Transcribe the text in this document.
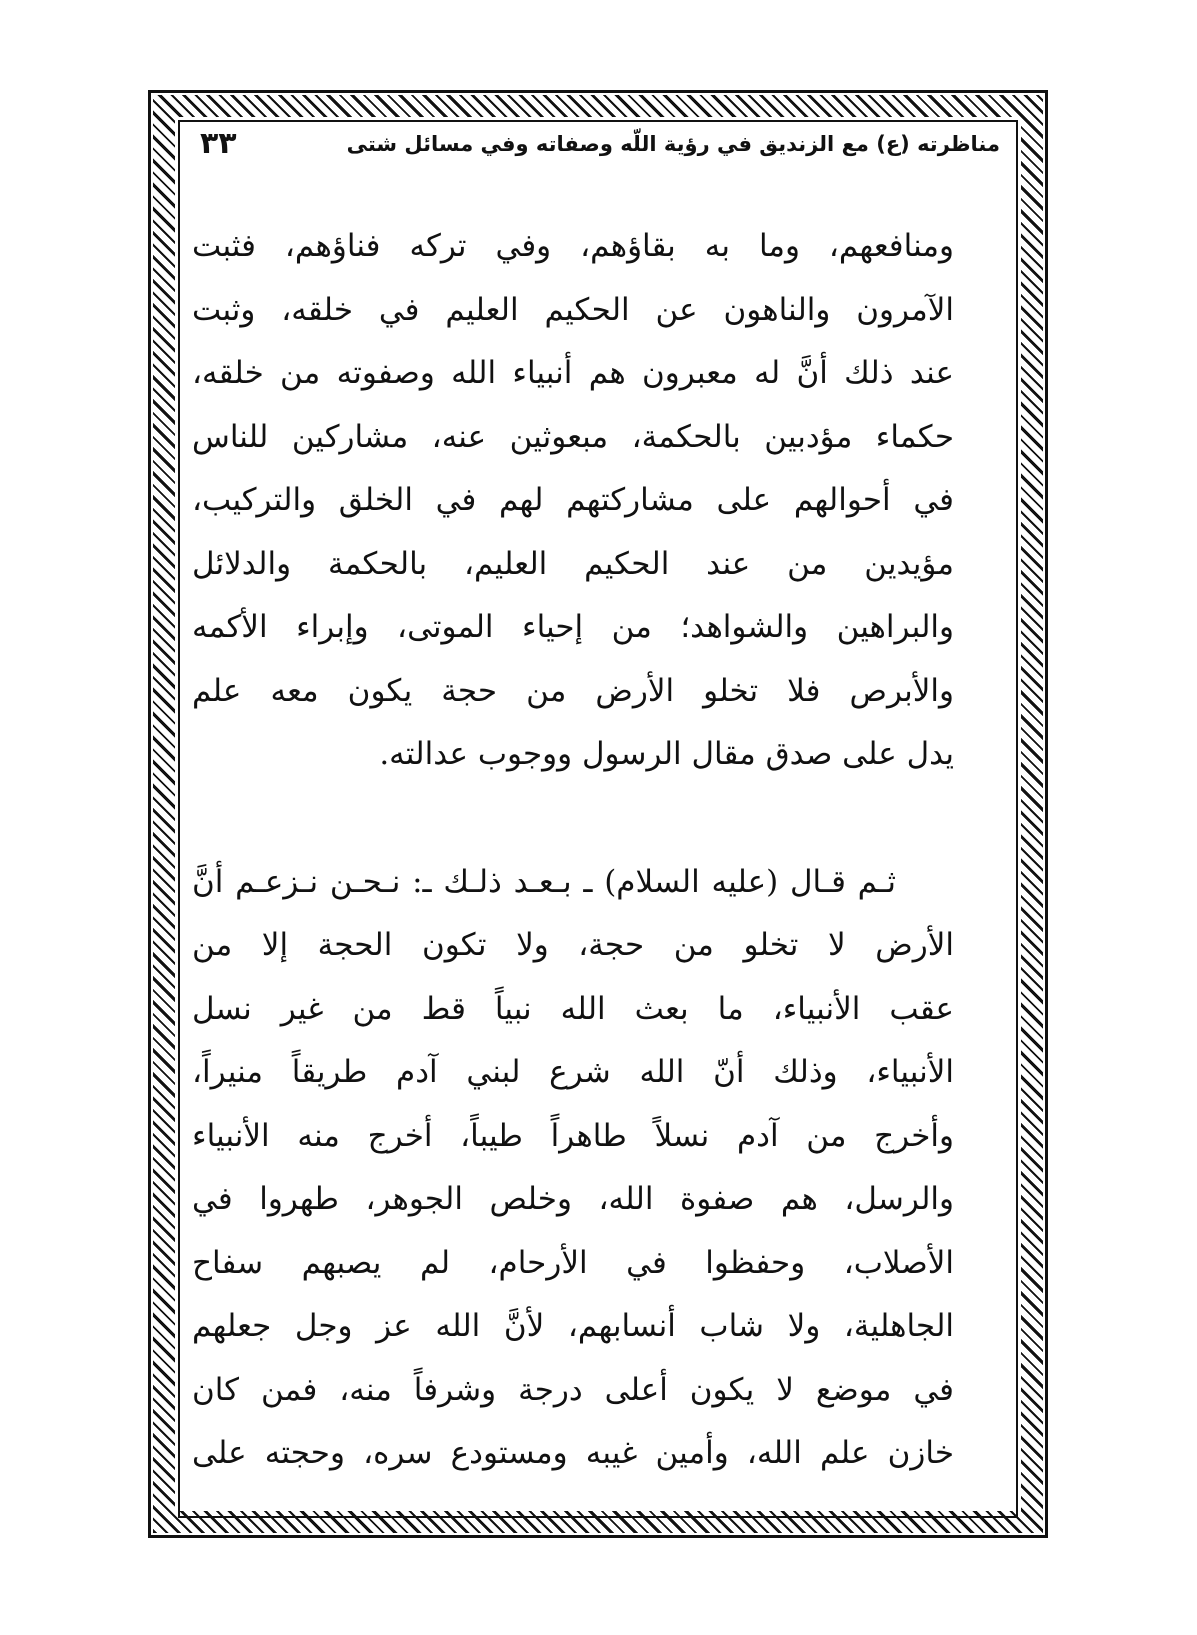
مناظرته (ع) مع الزنديق في رؤية اللّه وصفاته وفي مسائل شتى
٣٣
ومنافعهم، وما به بقاؤهم، وفي تركه فناؤهم، فثبت
الآمرون والناهون عن الحكيم العليم في خلقه، وثبت
عند ذلك أنَّ له معبرون هم أنبياء الله وصفوته من خلقه،
حكماء مؤدبين بالحكمة، مبعوثين عنه، مشاركين للناس
في أحوالهم على مشاركتهم لهم في الخلق والتركيب،
مؤيدين من عند الحكيم العليم، بالحكمة والدلائل
والبراهين والشواهد؛ من إحياء الموتى، وإبراء الأكمه
والأبرص فلا تخلو الأرض من حجة يكون معه علم
يدل على صدق مقال الرسول ووجوب عدالته.
ثـم قـال (عليه السلام) ـ بـعـد ذلـك ـ: نـحـن نـزعـم أنَّ
الأرض لا تخلو من حجة، ولا تكون الحجة إلا من
عقب الأنبياء، ما بعث الله نبياً قط من غير نسل
الأنبياء، وذلك أنّ الله شرع لبني آدم طريقاً منيراً،
وأخرج من آدم نسلاً طاهراً طيباً، أخرج منه الأنبياء
والرسل، هم صفوة الله، وخلص الجوهر، طهروا في
الأصلاب، وحفظوا في الأرحام، لم يصبهم سفاح
الجاهلية، ولا شاب أنسابهم، لأنَّ الله عز وجل جعلهم
في موضع لا يكون أعلى درجة وشرفاً منه، فمن كان
خازن علم الله، وأمين غيبه ومستودع سره، وحجته على
